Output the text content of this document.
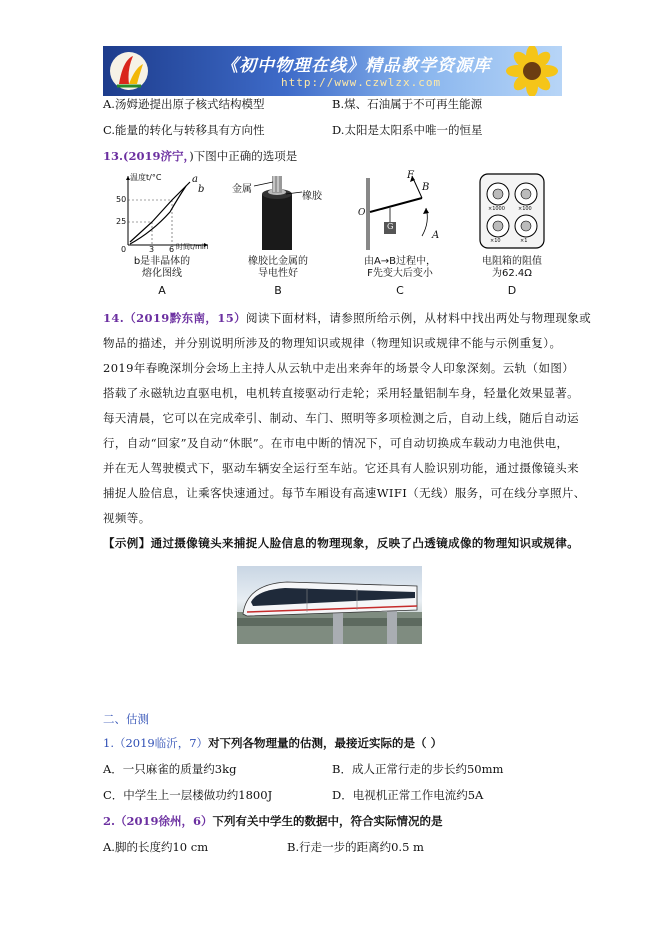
《初中物理在线》精品教学资源库
http://www.czwlzx.com
A.汤姆逊提出原子核式结构模型	B.煤、石油属于不可再生能源
C.能量的转化与转移具有方向性	D.太阳是太阳系中唯一的恒星
13.(2019济宁，)下图中正确的选项是
温度t/°C
50
25
0	3 6 时间t/min
a
b
b是非晶体的
熔化图线
A
金属
橡胶
橡胶比金属的
导电性好
B
F
B
A
O
G
由A→B过程中，
F先变大后变小
C
×1000	×100
×10	×1
电阻箱的阻值
为62.4Ω
D
14.（2019黔东南，15）阅读下面材料，请参照所给示例，从材料中找出两处与物理现象或
物品的描述，并分别说明所涉及的物理知识或规律（物理知识或规律不能与示例重复）。
2019年春晚深圳分会场上主持人从云轨中走出来奔年的场景令人印象深刻。云轨（如图）
搭载了永磁轨边直驱电机，电机转直接驱动行走轮；采用轻量铝制车身，轻量化效果显著。
每天清晨，它可以在完成牵引、制动、车门、照明等多项检测之后，自动上线，随后自动运
行，自动“回家”及自动“休眠”。在市电中断的情况下，可自动切换成车载动力电池供电，
并在无人驾驶模式下，驱动车辆安全运行至车站。它还具有人脸识别功能，通过摄像镜头来
捕捉人脸信息，让乘客快速通过。每节车厢设有高速WIFI（无线）服务，可在线分享照片、
视频等。
【示例】通过摄像镜头来捕捉人脸信息的物理现象，反映了凸透镜成像的物理知识或规律。
二、估测
1.（2019临沂，7）对下列各物理量的估测，最接近实际的是（ ）
A．一只麻雀的质量约3kg	B．成人正常行走的步长约50mm
C．中学生上一层楼做功约1800J	D．电视机正常工作电流约5A
2.（2019徐州，6）下列有关中学生的数据中，符合实际情况的是
A.脚的长度约10 cm	B.行走一步的距离约0.5 m
